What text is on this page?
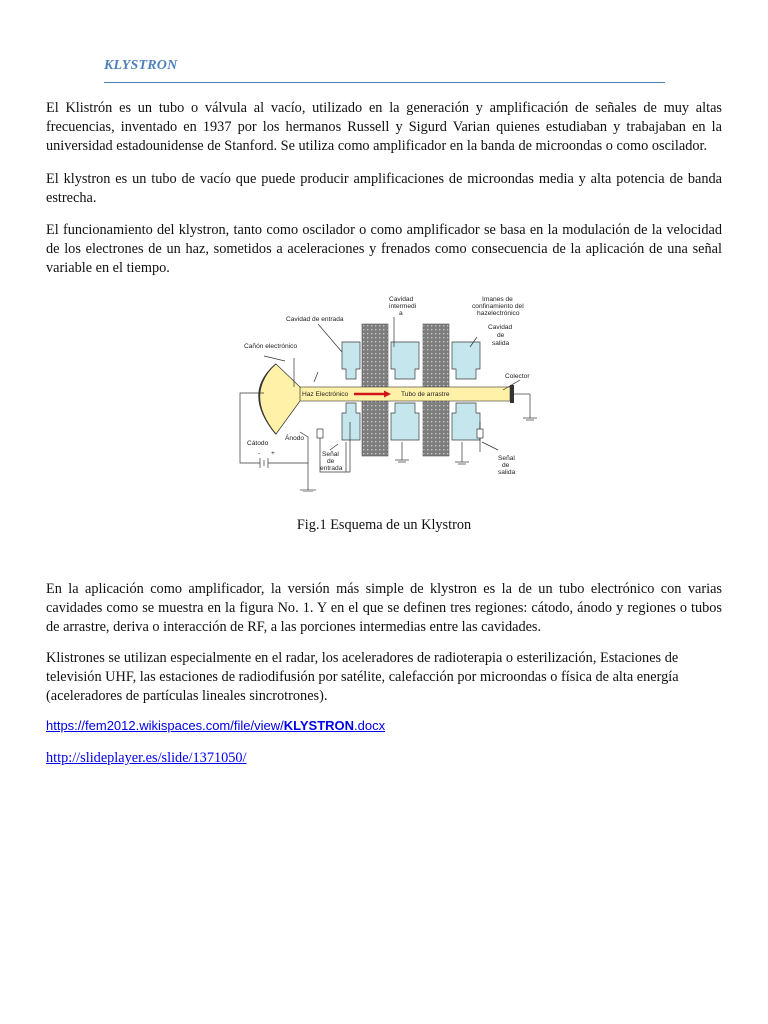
KLYSTRON

El Klistrón es un tubo o válvula al vacío, utilizado en la generación y amplificación de señales de muy altas frecuencias, inventado en 1937 por los hermanos Russell y Sigurd Varian quienes estudiaban y trabajaban en la universidad estadounidense de Stanford. Se utiliza como amplificador en la banda de microondas o como oscilador.

El klystron es un tubo de vacío que puede producir amplificaciones de microondas media y alta potencia de banda estrecha.

El funcionamiento del klystron, tanto como oscilador o como amplificador se basa en la modulación de la velocidad de los electrones de un haz, sometidos a aceleraciones y frenados como consecuencia de la aplicación de una señal variable en el tiempo.

Cavidad de entrada
Cavidad
intermedi
a
Imanes de
confinamiento del
hazelectrónico
Cavidad
de
salida
Cañón electrónico
Colector
Haz Electrónico	Tubo de arrastre
Cátodo
Ánodo
Señal
de
entrada
Señal
de
salida
- +
Fig.1 Esquema de un Klystron

En la aplicación como amplificador, la versión más simple de klystron es la de un tubo electrónico con varias cavidades como se muestra en la figura No. 1. Y en el que se definen tres regiones: cátodo, ánodo y regiones o tubos de arrastre, deriva o interacción de RF, a las porciones intermedias entre las cavidades.

Klistrones se utilizan especialmente en el radar, los aceleradores de radioterapia o esterilización, Estaciones de televisión UHF, las estaciones de radiodifusión por satélite, calefacción por microondas o física de alta energía (aceleradores de partículas lineales sincrotrones).

https://fem2012.wikispaces.com/file/view/KLYSTRON.docx
http://slideplayer.es/slide/1371050/
